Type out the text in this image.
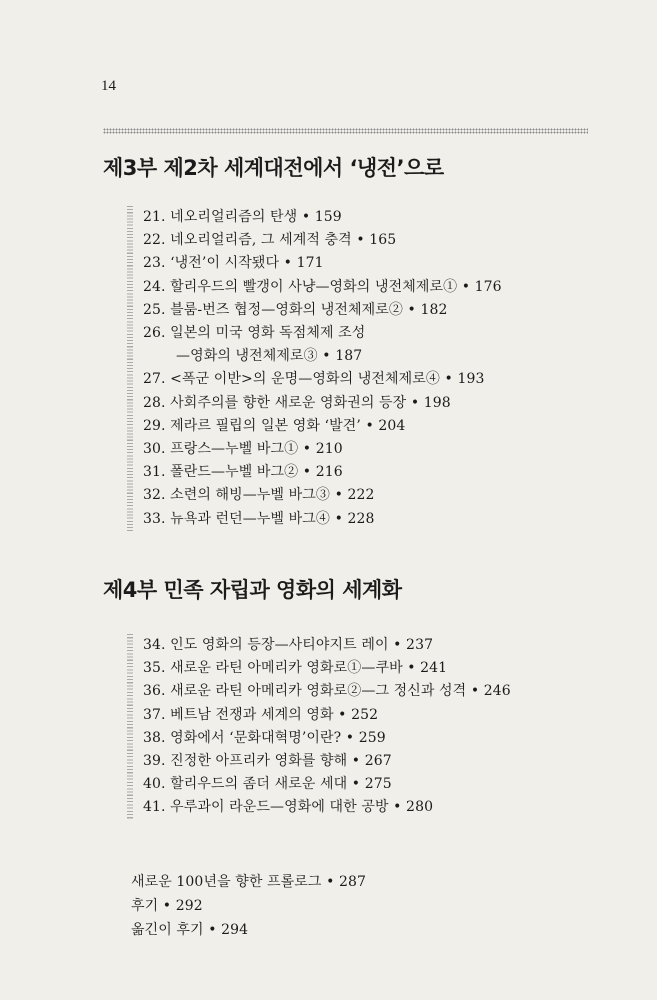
14
제3부 제2차 세계대전에서 ‘냉전’으로
21. 네오리얼리즘의 탄생 • 159
22. 네오리얼리즘, 그 세계적 충격 • 165
23. ‘냉전’이 시작됐다 • 171
24. 할리우드의 빨갱이 사냥—영화의 냉전체제로① • 176
25. 블룸-번즈 협정—영화의 냉전체제로② • 182
26. 일본의 미국 영화 독점체제 조성
—영화의 냉전체제로③ • 187
27. <폭군 이반>의 운명—영화의 냉전체제로④ • 193
28. 사회주의를 향한 새로운 영화권의 등장 • 198
29. 제라르 필립의 일본 영화 ‘발견’ • 204
30. 프랑스—누벨 바그① • 210
31. 폴란드—누벨 바그② • 216
32. 소련의 해빙—누벨 바그③ • 222
33. 뉴욕과 런던—누벨 바그④ • 228
제4부 민족 자립과 영화의 세계화
34. 인도 영화의 등장—사티야지트 레이 • 237
35. 새로운 라틴 아메리카 영화로①—쿠바 • 241
36. 새로운 라틴 아메리카 영화로②—그 정신과 성격 • 246
37. 베트남 전쟁과 세계의 영화 • 252
38. 영화에서 ‘문화대혁명’이란? • 259
39. 진정한 아프리카 영화를 향해 • 267
40. 할리우드의 좀더 새로운 세대 • 275
41. 우루과이 라운드—영화에 대한 공방 • 280
새로운 100년을 향한 프롤로그 • 287
후기 • 292
옮긴이 후기 • 294
